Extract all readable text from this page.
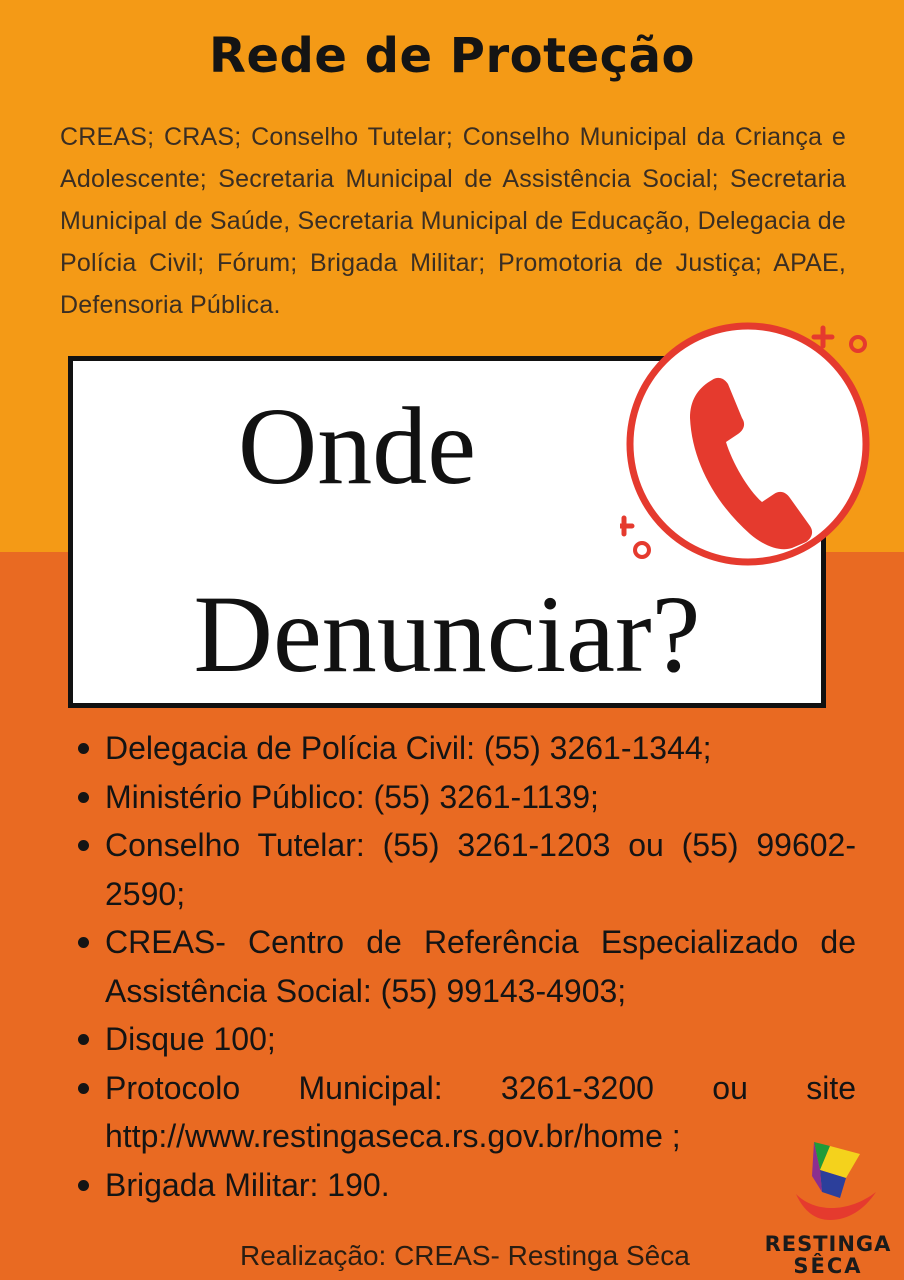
Rede de Proteção

CREAS; CRAS; Conselho Tutelar; Conselho Municipal da Criança e Adolescente; Secretaria Municipal de Assistência Social; Secretaria Municipal de Saúde, Secretaria Municipal de Educação, Delegacia de Polícia Civil; Fórum; Brigada Militar; Promotoria de Justiça; APAE, Defensoria Pública.

Onde
Denunciar?
Delegacia de Polícia Civil: (55) 3261-1344;
Ministério Público: (55) 3261-1139;
Conselho Tutelar: (55) 3261-1203 ou (55) 99602-2590;
CREAS- Centro de Referência Especializado de Assistência Social: (55) 99143-4903;
Disque 100;
Protocolo Municipal: 3261-3200 ou site http://www.restingaseca.rs.gov.br/home ;
Brigada Militar: 190.
Realização: CREAS- Restinga Sêca	RESTINGA
SÊCA
